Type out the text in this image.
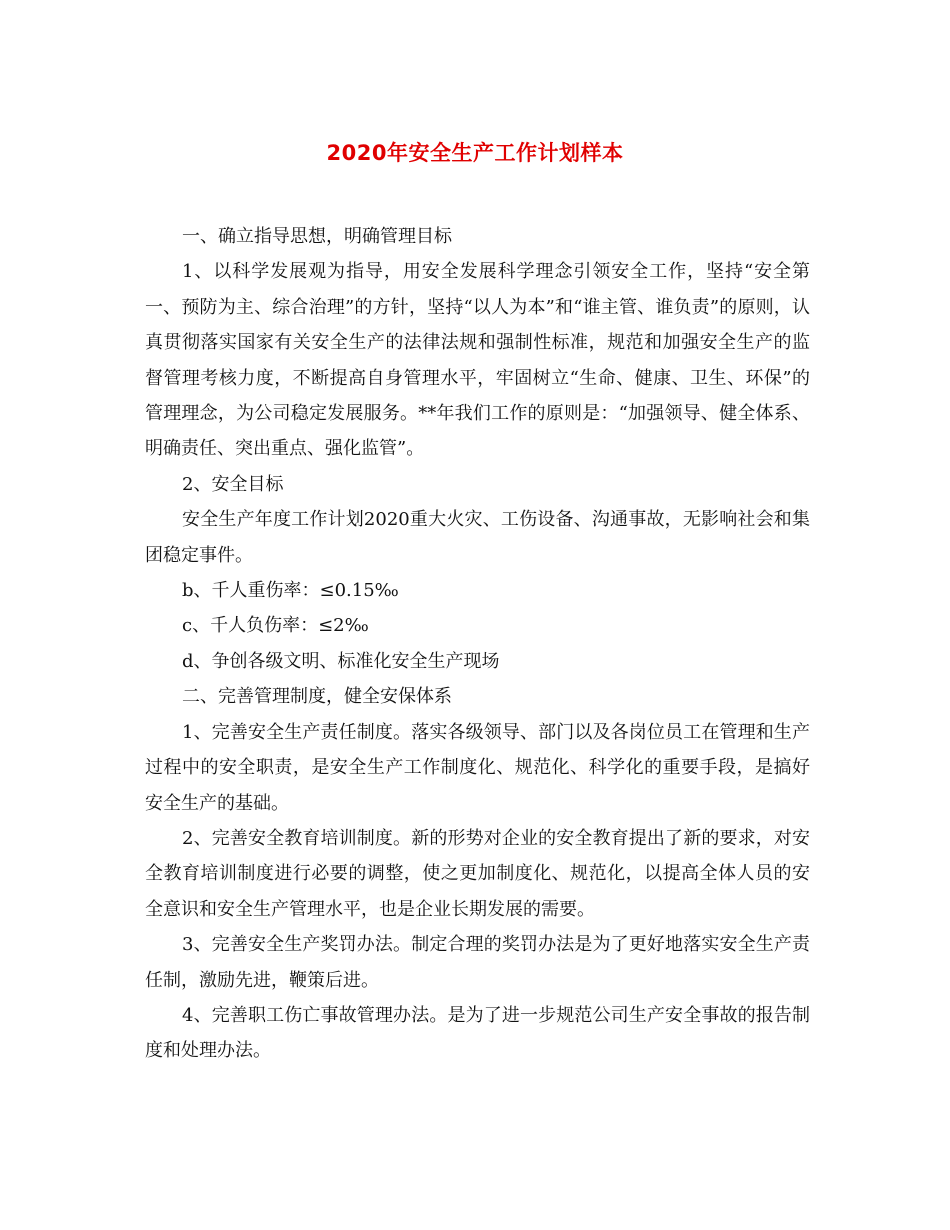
2020年安全生产工作计划样本

一、确立指导思想，明确管理目标

1、以科学发展观为指导，用安全发展科学理念引领安全工作，坚持“安全第一、预防为主、综合治理”的方针，坚持“以人为本”和“谁主管、谁负责”的原则，认真贯彻落实国家有关安全生产的法律法规和强制性标准，规范和加强安全生产的监督管理考核力度，不断提高自身管理水平，牢固树立“生命、健康、卫生、环保”的管理理念，为公司稳定发展服务。**年我们工作的原则是：“加强领导、健全体系、明确责任、突出重点、强化监管”。

2、安全目标

安全生产年度工作计划2020重大火灾、工伤设备、沟通事故，无影响社会和集团稳定事件。

b、千人重伤率：≤0.15‰

c、千人负伤率：≤2‰

d、争创各级文明、标准化安全生产现场

二、完善管理制度，健全安保体系

1、完善安全生产责任制度。落实各级领导、部门以及各岗位员工在管理和生产过程中的安全职责，是安全生产工作制度化、规范化、科学化的重要手段，是搞好安全生产的基础。

2、完善安全教育培训制度。新的形势对企业的安全教育提出了新的要求，对安全教育培训制度进行必要的调整，使之更加制度化、规范化，以提高全体人员的安全意识和安全生产管理水平，也是企业长期发展的需要。

3、完善安全生产奖罚办法。制定合理的奖罚办法是为了更好地落实安全生产责任制，激励先进，鞭策后进。

4、完善职工伤亡事故管理办法。是为了进一步规范公司生产安全事故的报告制度和处理办法。
